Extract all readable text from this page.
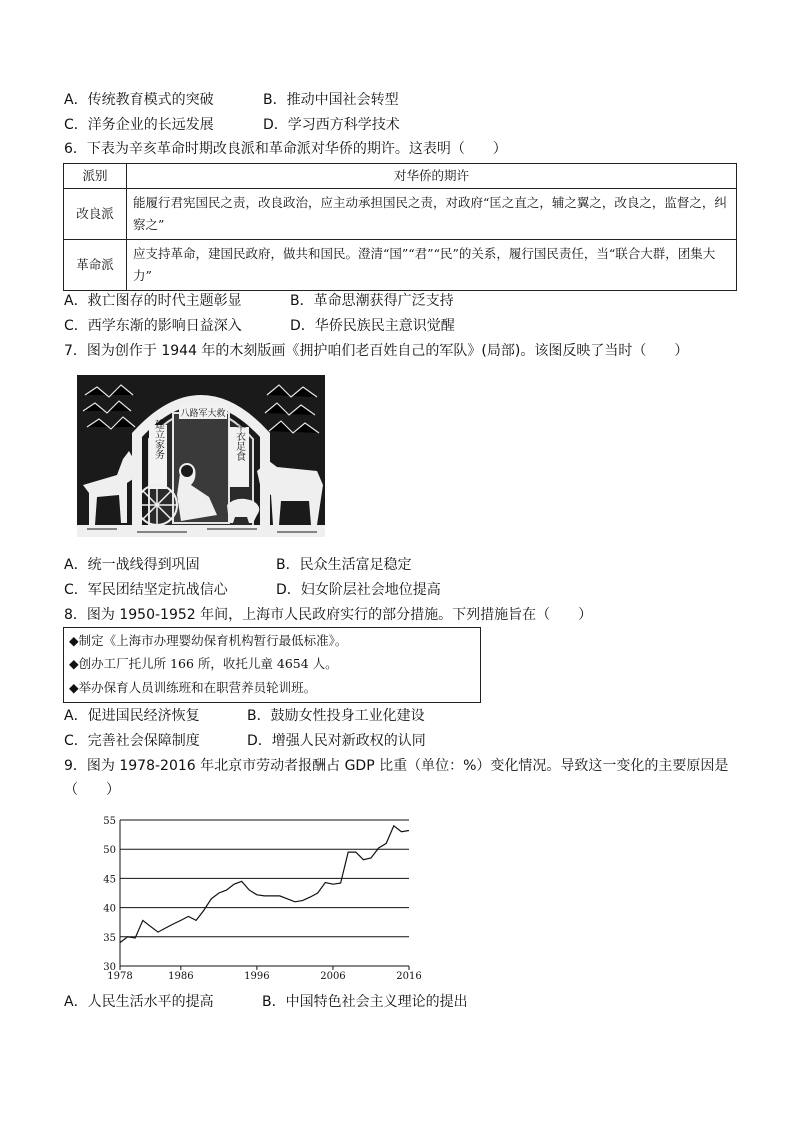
A．传统教育模式的突破	B．推动中国社会转型
C．洋务企业的长远发展	D．学习西方科学技术
6．下表为辛亥革命时期改良派和革命派对华侨的期许。这表明（　　）
派别	对华侨的期许
改良派	能履行君宪国民之责，改良政治，应主动承担国民之责，对政府“匡之直之，辅之翼之，改良之，监督之，纠察之”
革命派	应支持革命，建国民政府，做共和国民。澄清“国”“君”“民”的关系，履行国民责任，当“联合大群，团集大力”
A．救亡图存的时代主题彰显	B．革命思潮获得广泛支持
C．西学东渐的影响日益深入	D．华侨民族民主意识觉醒
7．图为创作于 1944 年的木刻版画《拥护咱们老百姓自己的军队》(局部)。该图反映了当时（　　）
八路军大救
建立家务	丰衣足食
A．统一战线得到巩固	B．民众生活富足稳定
C．军民团结坚定抗战信心	D．妇女阶层社会地位提高
8．图为 1950-1952 年间，上海市人民政府实行的部分措施。下列措施旨在（　　）
◆制定《上海市办理婴幼保育机构暂行最低标准》。
◆创办工厂托儿所 166 所，收托儿童 4654 人。
◆举办保育人员训练班和在职营养员轮训班。
A．促进国民经济恢复	B．鼓励女性投身工业化建设
C．完善社会保障制度	D．增强人民对新政权的认同
9．图为 1978-2016 年北京市劳动者报酬占 GDP 比重（单位：%）变化情况。导致这一变化的主要原因是
（　　）
30
35
40
45
50
55
1978	1986	1996	2006	2016
A．人民生活水平的提高	B．中国特色社会主义理论的提出
